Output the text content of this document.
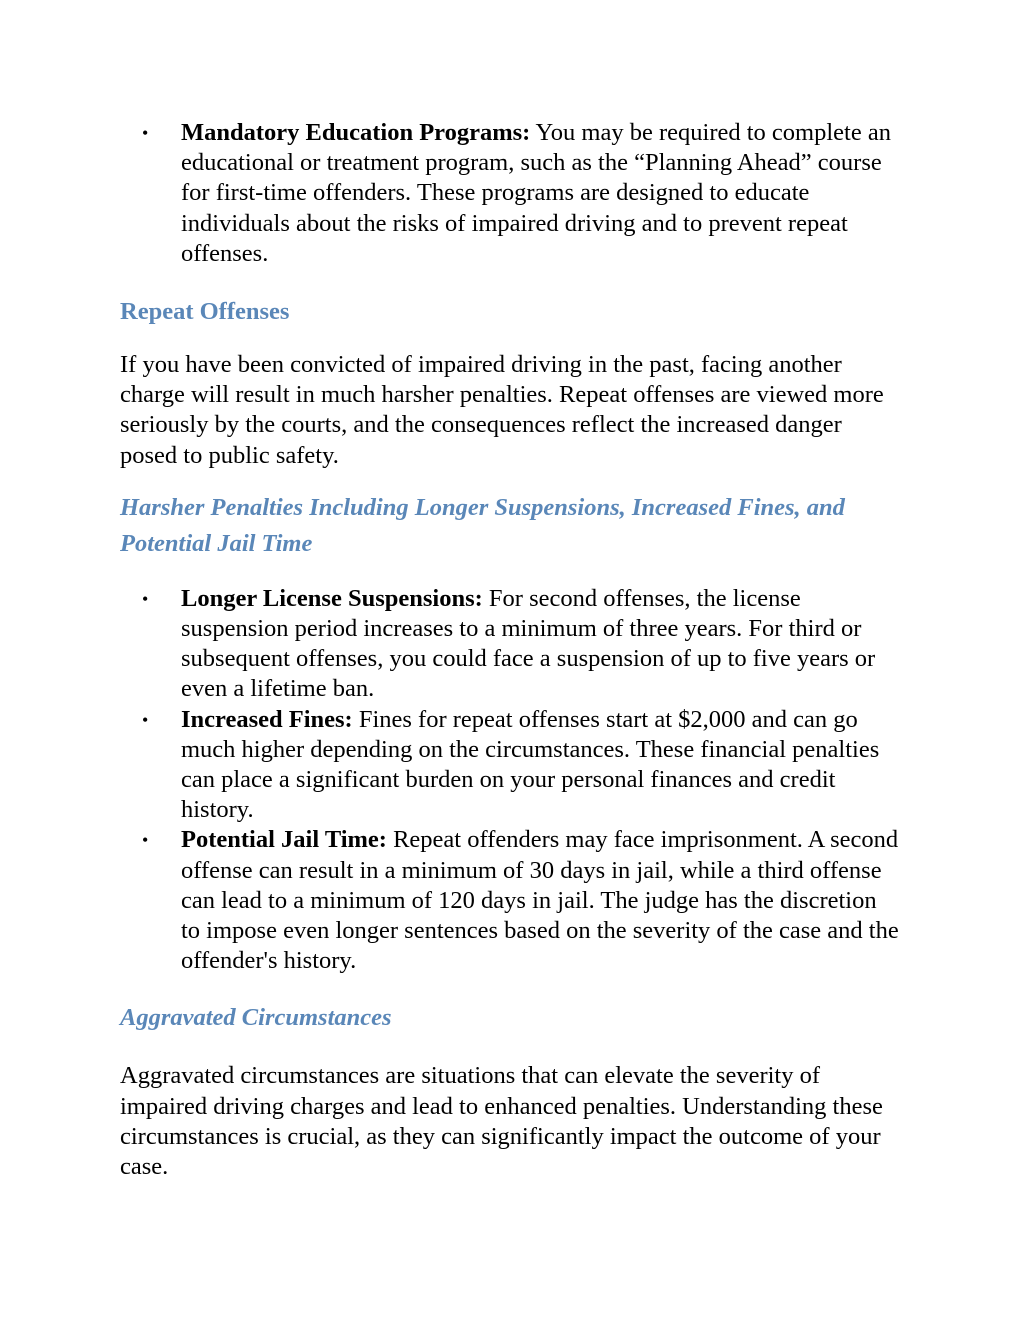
• Mandatory Education Programs: You may be required to complete an educational or treatment program, such as the “Planning Ahead” course for first-time offenders. These programs are designed to educate individuals about the risks of impaired driving and to prevent repeat offenses.
Repeat Offenses

If you have been convicted of impaired driving in the past, facing another charge will result in much harsher penalties. Repeat offenses are viewed more seriously by the courts, and the consequences reflect the increased danger posed to public safety.

Harsher Penalties Including Longer Suspensions, Increased Fines, and Potential Jail Time
• Longer License Suspensions: For second offenses, the license suspension period increases to a minimum of three years. For third or subsequent offenses, you could face a suspension of up to five years or even a lifetime ban.
• Increased Fines: Fines for repeat offenses start at $2,000 and can go much higher depending on the circumstances. These financial penalties can place a significant burden on your personal finances and credit history.
• Potential Jail Time: Repeat offenders may face imprisonment. A second offense can result in a minimum of 30 days in jail, while a third offense can lead to a minimum of 120 days in jail. The judge has the discretion to impose even longer sentences based on the severity of the case and the offender's history.
Aggravated Circumstances

Aggravated circumstances are situations that can elevate the severity of impaired driving charges and lead to enhanced penalties. Understanding these circumstances is crucial, as they can significantly impact the outcome of your case.
